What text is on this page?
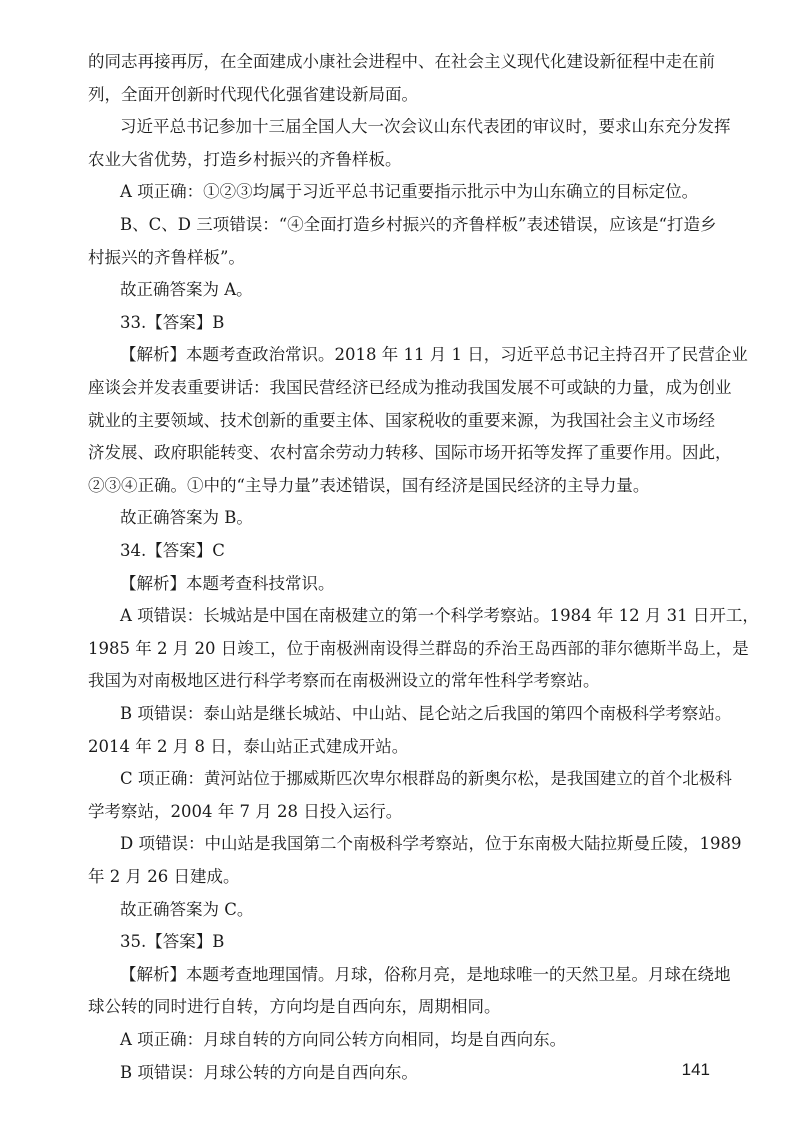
的同志再接再厉，在全面建成小康社会进程中、在社会主义现代化建设新征程中走在前
列，全面开创新时代现代化强省建设新局面。
习近平总书记参加十三届全国人大一次会议山东代表团的审议时，要求山东充分发挥
农业大省优势，打造乡村振兴的齐鲁样板。
A 项正确：①②③均属于习近平总书记重要指示批示中为山东确立的目标定位。
B、C、D 三项错误：“④全面打造乡村振兴的齐鲁样板”表述错误，应该是“打造乡
村振兴的齐鲁样板”。
故正确答案为 A。
33.【答案】B
【解析】本题考查政治常识。2018 年 11 月 1 日，习近平总书记主持召开了民营企业
座谈会并发表重要讲话：我国民营经济已经成为推动我国发展不可或缺的力量，成为创业
就业的主要领域、技术创新的重要主体、国家税收的重要来源，为我国社会主义市场经
济发展、政府职能转变、农村富余劳动力转移、国际市场开拓等发挥了重要作用。因此，
②③④正确。①中的“主导力量”表述错误，国有经济是国民经济的主导力量。
故正确答案为 B。
34.【答案】C
【解析】本题考查科技常识。
A 项错误：长城站是中国在南极建立的第一个科学考察站。1984 年 12 月 31 日开工，
1985 年 2 月 20 日竣工，位于南极洲南设得兰群岛的乔治王岛西部的菲尔德斯半岛上，是
我国为对南极地区进行科学考察而在南极洲设立的常年性科学考察站。
B 项错误：泰山站是继长城站、中山站、昆仑站之后我国的第四个南极科学考察站。
2014 年 2 月 8 日，泰山站正式建成开站。
C 项正确：黄河站位于挪威斯匹次卑尔根群岛的新奥尔松，是我国建立的首个北极科
学考察站，2004 年 7 月 28 日投入运行。
D 项错误：中山站是我国第二个南极科学考察站，位于东南极大陆拉斯曼丘陵，1989
年 2 月 26 日建成。
故正确答案为 C。
35.【答案】B
【解析】本题考查地理国情。月球，俗称月亮，是地球唯一的天然卫星。月球在绕地
141
球公转的同时进行自转，方向均是自西向东，周期相同。
A 项正确：月球自转的方向同公转方向相同，均是自西向东。
B 项错误：月球公转的方向是自西向东。
